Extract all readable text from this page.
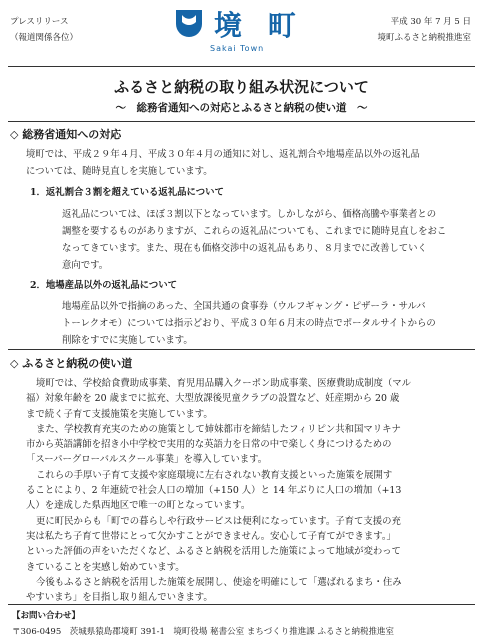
プレスリリース
（報道関係各位）	境 町
Sakai Town
平成 30 年 7 月 5 日
境町ふるさと納税推進室
ふるさと納税の取り組み状況について
～　総務省通知への対応とふるさと納税の使い道　～
◇ 総務省通知への対応
境町では、平成２９年４月、平成３０年４月の通知に対し、返礼割合や地場産品以外の返礼品
については、随時見直しを実施しています。
1．返礼割合３割を超えている返礼品について
返礼品については、ほぼ３割以下となっています。しかしながら、価格高騰や事業者との
調整を要するものがありますが、これらの返礼品についても、これまでに随時見直しをおこ
なってきています。また、現在も価格交渉中の返礼品もあり、８月までに改善していく
意向です。
2．地場産品以外の返礼品について
地場産品以外で指摘のあった、全国共通の食事券（ウルフギャング・ピザーラ・サルバ
トーレクオモ）については指示どおり、平成３０年６月末の時点でポータルサイトからの
削除をすでに実施しています。
◇ ふるさと納税の使い道
境町では、学校給食費助成事業、育児用品購入クーポン助成事業、医療費助成制度（マル
福）対象年齢を 20 歳までに拡充、大型放課後児童クラブの設置など、妊産期から 20 歳
まで続く子育て支援施策を実施しています。
また、学校教育充実のための施策として姉妹都市を締結したフィリピン共和国マリキナ
市から英語講師を招き小中学校で実用的な英語力を日常の中で楽しく身につけるための
「スーパーグローバルスクール事業」を導入しています。
これらの手厚い子育て支援や家庭環境に左右されない教育支援といった施策を展開す
ることにより、2 年連続で社会人口の増加（+150 人）と 14 年ぶりに人口の増加（+13
人）を達成した県西地区で唯一の町となっています。
更に町民からも「町での暮らしや行政サービスは便利になっています。子育て支援の充
実は私たち子育て世帯にとって欠かすことができません。安心して子育てができます。」
といった評価の声をいただくなど、ふるさと納税を活用した施策によって地域が変わって
きていることを実感し始めています。
今後もふるさと納税を活用した施策を展開し、使途を明確にして「選ばれるまち・住み
やすいまち」を目指し取り組んでいきます。
【お問い合わせ】
〒306-0495　茨城県猿島郡境町 391-1　境町役場 秘書公室 まちづくり推進課 ふるさと納税推進室
